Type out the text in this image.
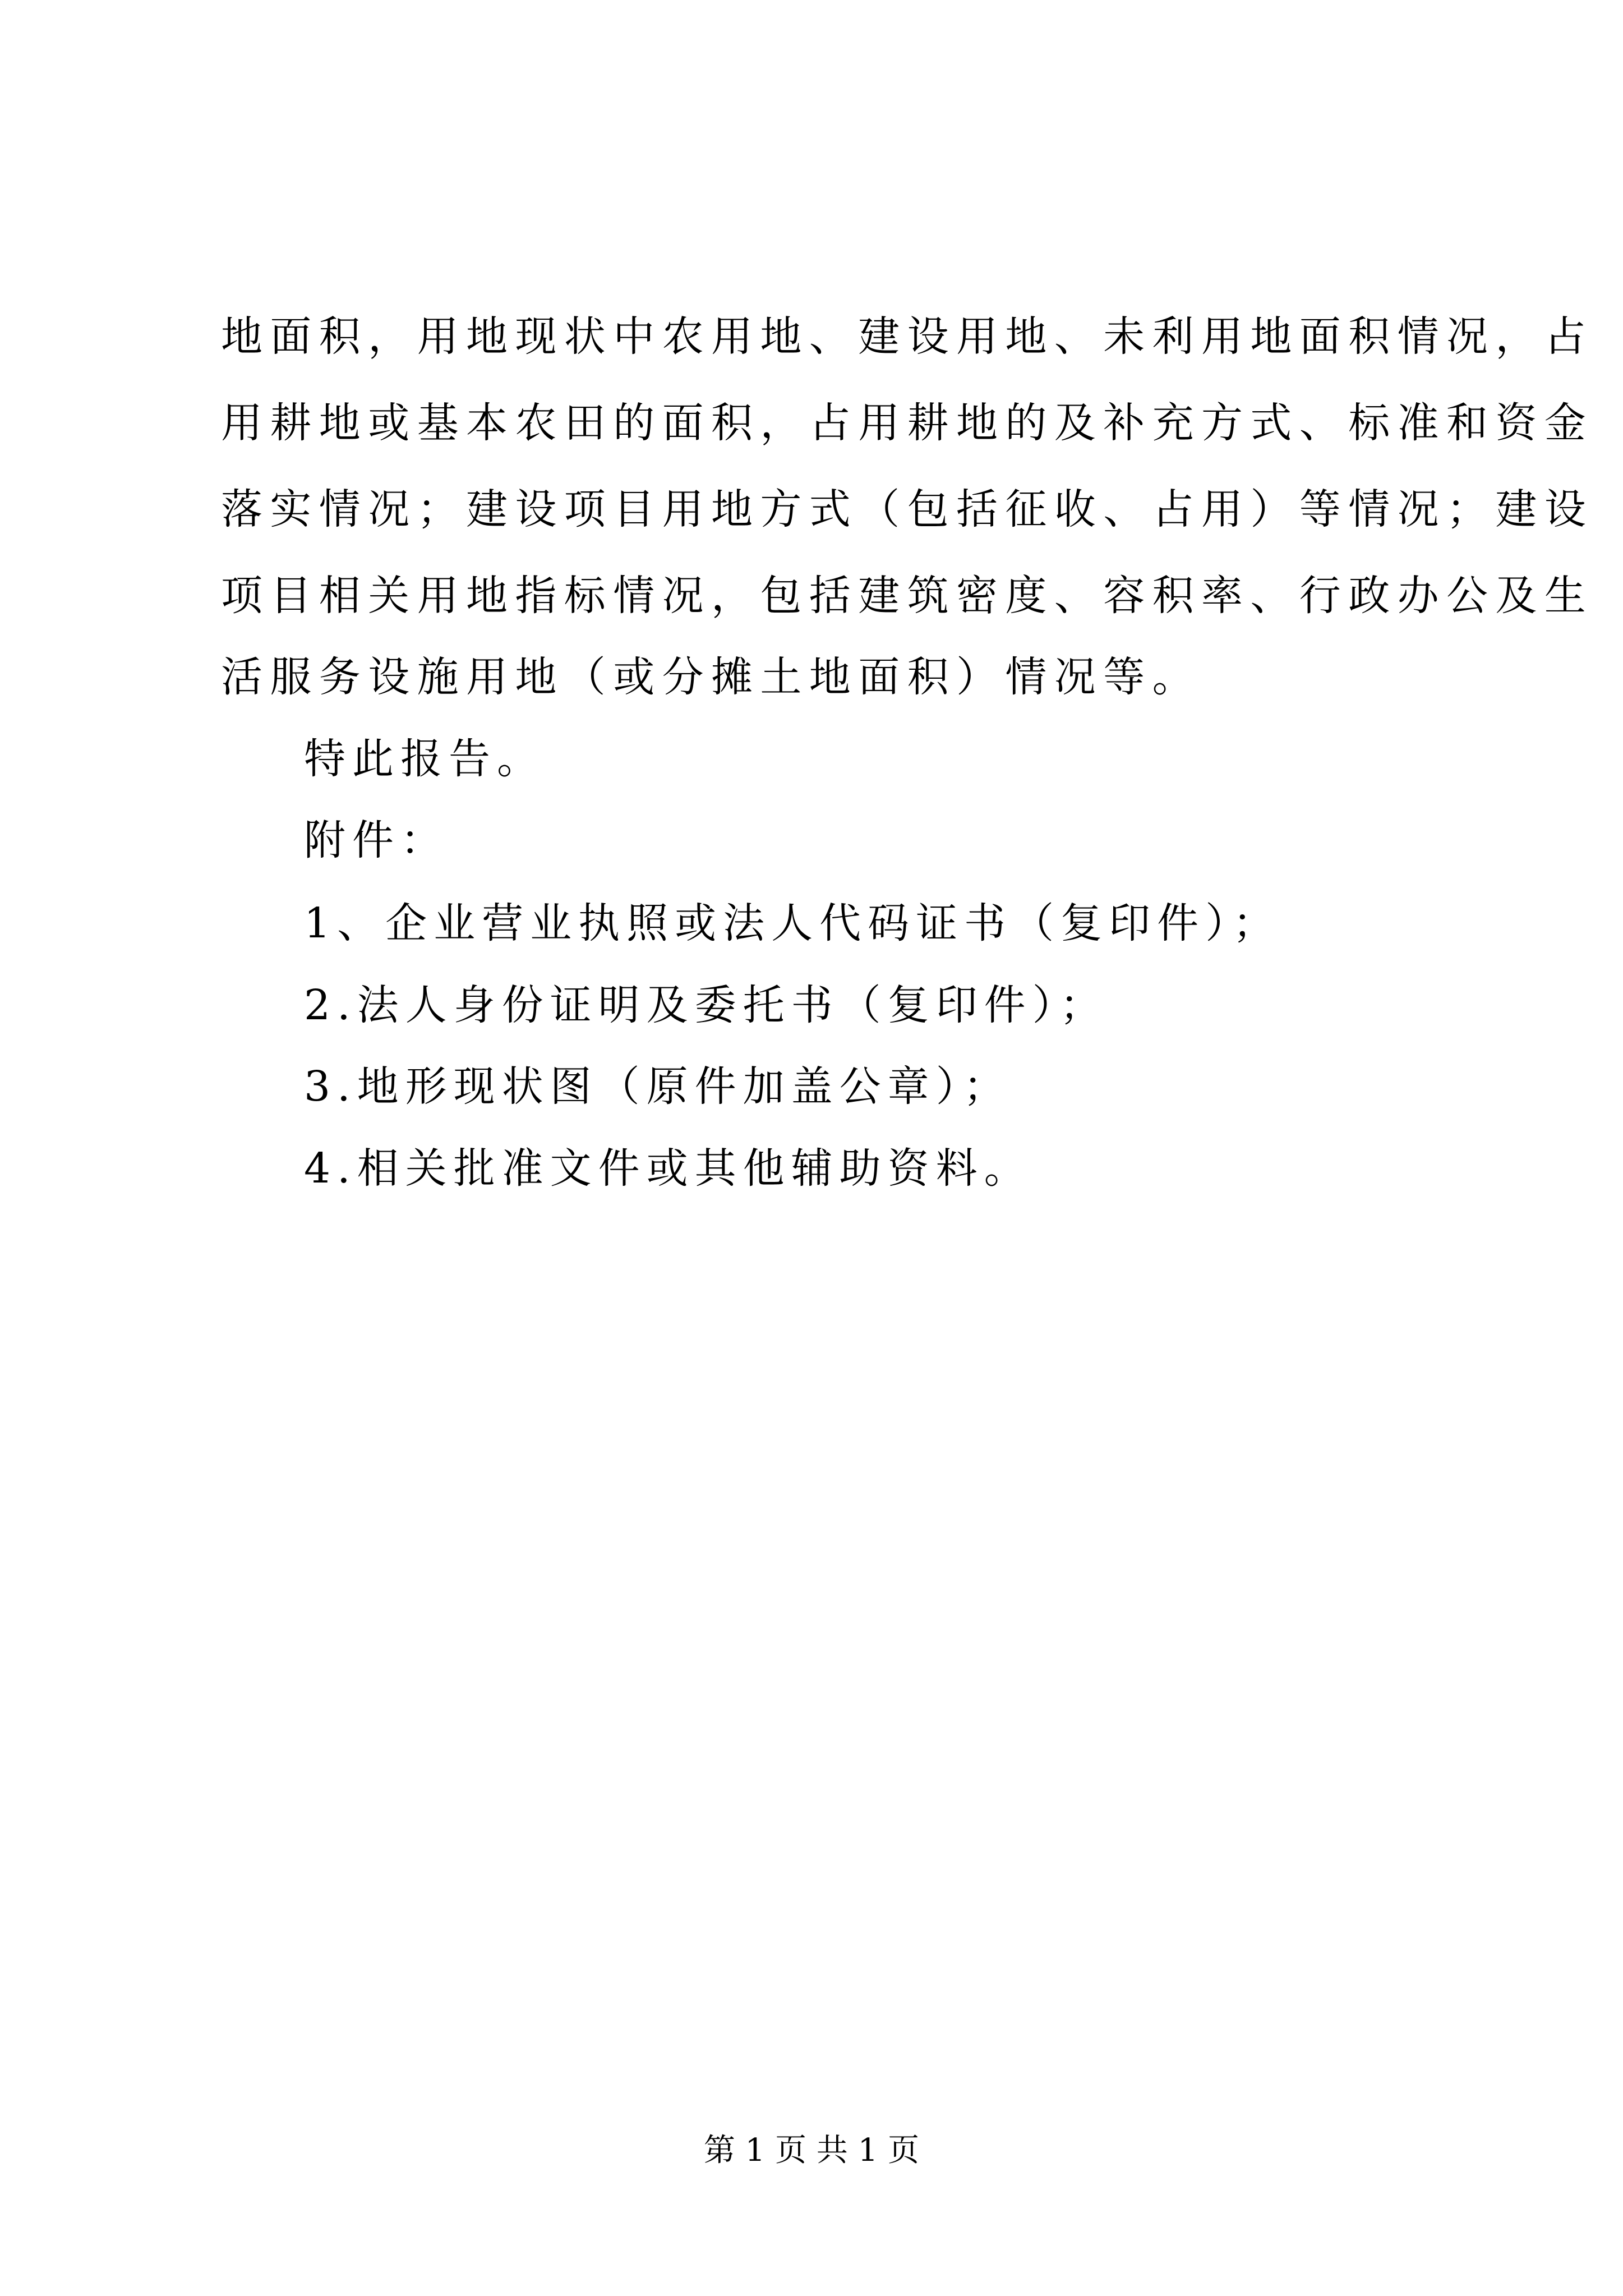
地面积，用地现状中农用地、建设用地、未利用地面积情况，占
用耕地或基本农田的面积，占用耕地的及补充方式、标准和资金
落实情况；建设项目用地方式（包括征收、占用）等情况；建设
项目相关用地指标情况，包括建筑密度、容积率、行政办公及生
活服务设施用地（或分摊土地面积）情况等。
特此报告。
附件：
1、企业营业执照或法人代码证书（复印件）；
2.法人身份证明及委托书（复印件）；
3.地形现状图（原件加盖公章）；
4.相关批准文件或其他辅助资料。
第 1 页 共 1 页
